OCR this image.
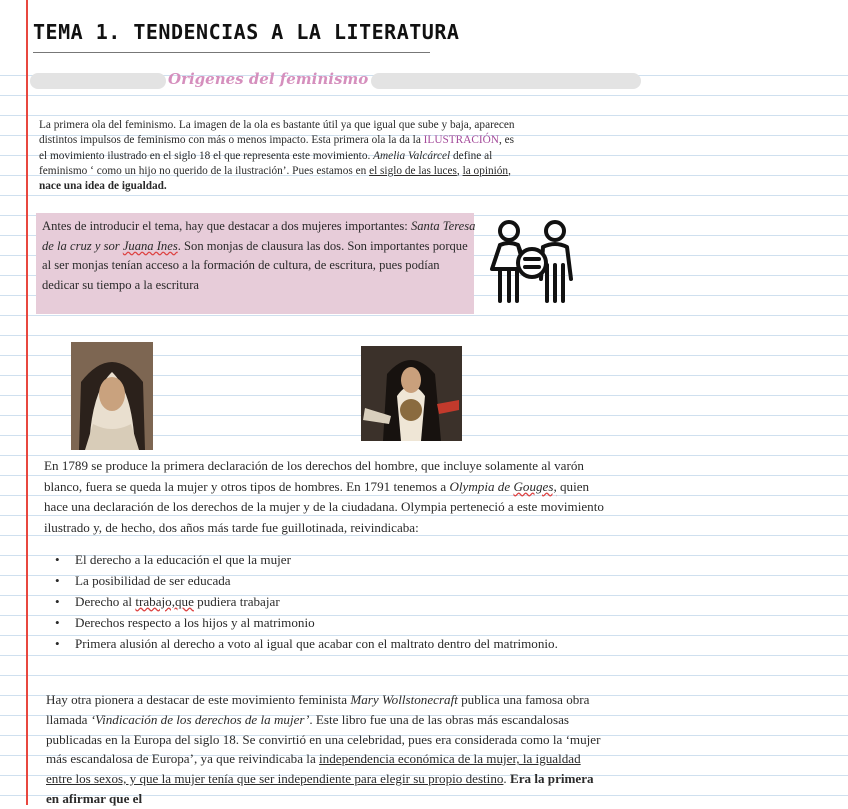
TEMA 1. TENDENCIAS A LA LITERATURA
Origenes del feminismo

La primera ola del feminismo. La imagen de la ola es bastante útil ya que igual que sube y baja, aparecen distintos impulsos de feminismo con más o menos impacto. Esta primera ola la da la ILUSTRACIÓN, es el movimiento ilustrado en el siglo 18 el que representa este movimiento. Amelia Valcárcel define al feminismo ‘ como un hijo no querido de la ilustración’. Pues estamos en el siglo de las luces, la opinión, nace una idea de igualdad.

Antes de introducir el tema, hay que destacar a dos mujeres importantes: Santa Teresa de la cruz y sor Juana Ines. Son monjas de clausura las dos. Son importantes porque al ser monjas tenían acceso a la formación de cultura, de escritura, pues podían dedicar su tiempo a la escritura

En 1789 se produce la primera declaración de los derechos del hombre, que incluye solamente al varón blanco, fuera se queda la mujer y otros tipos de hombres. En 1791 tenemos a Olympia de Gouges, quien hace una declaración de los derechos de la mujer y de la ciudadana. Olympia perteneció a este movimiento ilustrado y, de hecho, dos años más tarde fue guillotinada, reivindicaba:

• El derecho a la educación el que la mujer
• La posibilidad de ser educada
• Derecho al trabajo,que pudiera trabajar
• Derechos respecto a los hijos y al matrimonio
• Primera alusión al derecho a voto al igual que acabar con el maltrato dentro del matrimonio.

Hay otra pionera a destacar de este movimiento feminista Mary Wollstonecraft publica una famosa obra llamada ‘Vindicación de los derechos de la mujer’. Este libro fue una de las obras más escandalosas publicadas en la Europa del siglo 18. Se convirtió en una celebridad, pues era considerada como la ‘mujer más escandalosa de Europa’, ya que reivindicaba la independencia económica de la mujer, la igualdad entre los sexos, y que la mujer tenía que ser independiente para elegir su propio destino. Era la primera en afirmar que el
